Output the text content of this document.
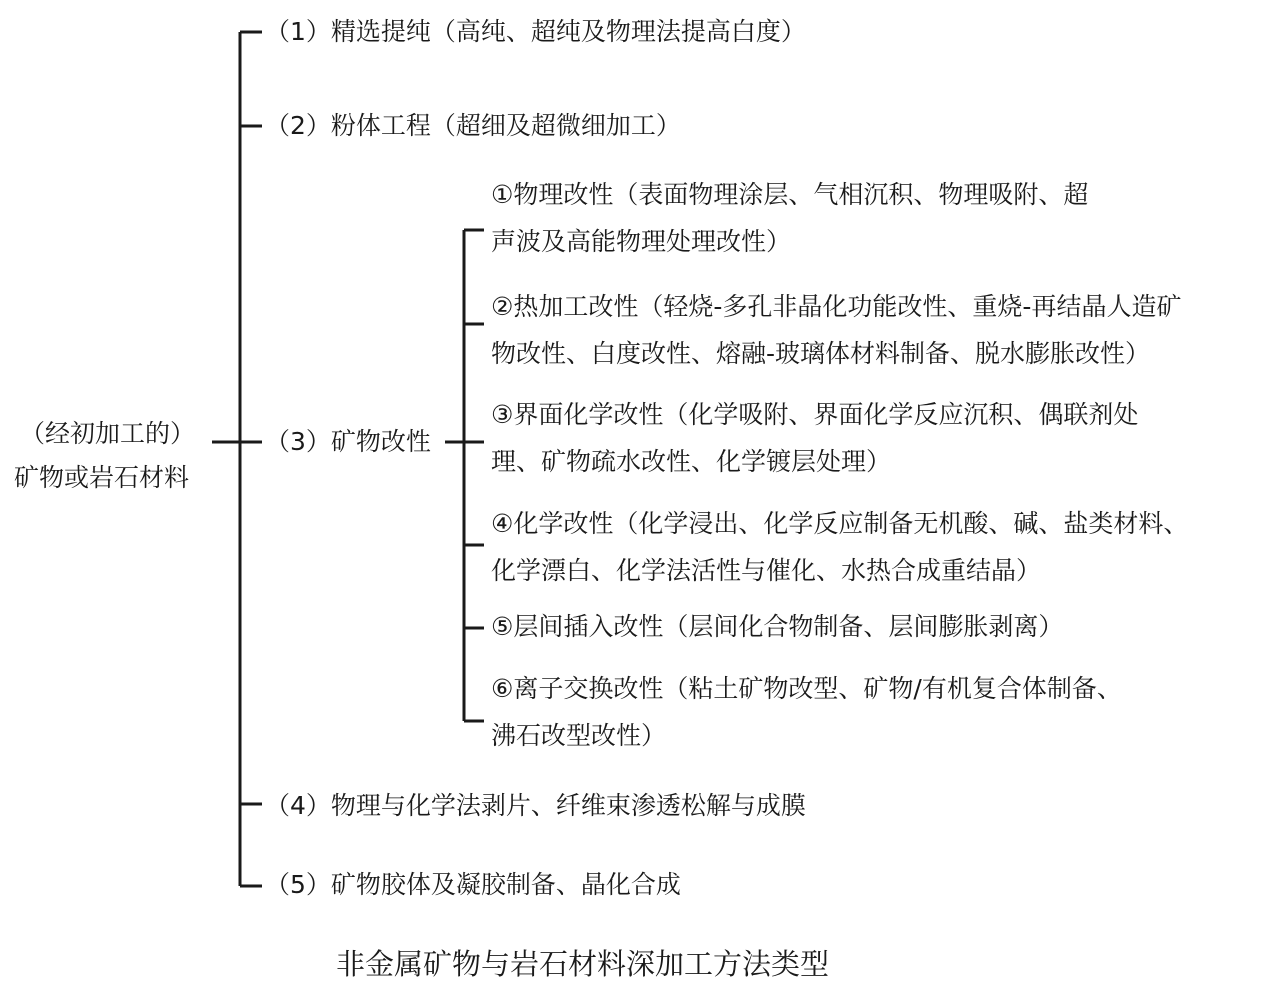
（经初加工的）
矿物或岩石材料
（1）精选提纯（高纯、超纯及物理法提高白度）
（2）粉体工程（超细及超微细加工）
（3）矿物改性
（4）物理与化学法剥片、纤维束渗透松解与成膜
（5）矿物胶体及凝胶制备、晶化合成
①物理改性（表面物理涂层、气相沉积、物理吸附、超
声波及高能物理处理改性）
②热加工改性（轻烧-多孔非晶化功能改性、重烧-再结晶人造矿
物改性、白度改性、熔融-玻璃体材料制备、脱水膨胀改性）
③界面化学改性（化学吸附、界面化学反应沉积、偶联剂处
理、矿物疏水改性、化学镀层处理）
④化学改性（化学浸出、化学反应制备无机酸、碱、盐类材料、
化学漂白、化学法活性与催化、水热合成重结晶）
⑤层间插入改性（层间化合物制备、层间膨胀剥离）
⑥离子交换改性（粘土矿物改型、矿物/有机复合体制备、
沸石改型改性）
非金属矿物与岩石材料深加工方法类型
